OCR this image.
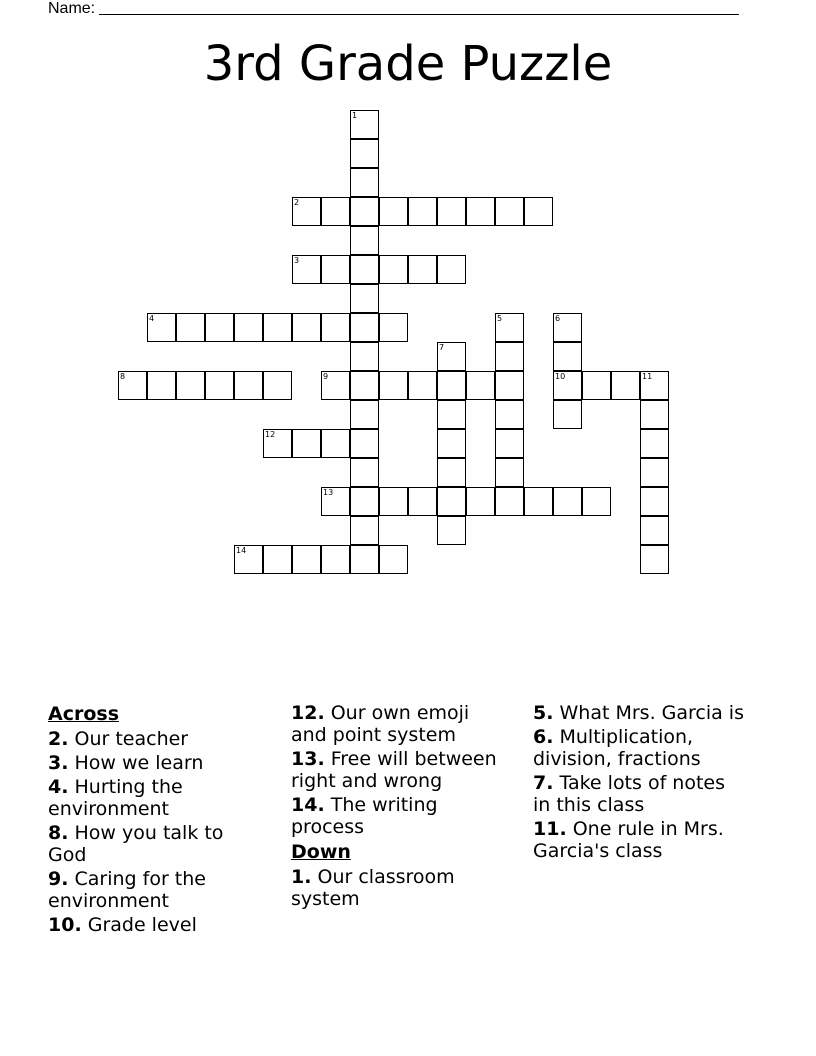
Name:
3rd Grade Puzzle
1
2
3
4	5	6
10
7
8	9	11
12
13
14
Across
2. Our teacher
3. How we learn
4. Hurting the environment
8. How you talk to God
9. Caring for the environment
10. Grade level
12. Our own emoji and point system
13. Free will between right and wrong
14. The writing process
Down
1. Our classroom system
5. What Mrs. Garcia is
6. Multiplication, division, fractions
7. Take lots of notes in this class
11. One rule in Mrs. Garcia's class
